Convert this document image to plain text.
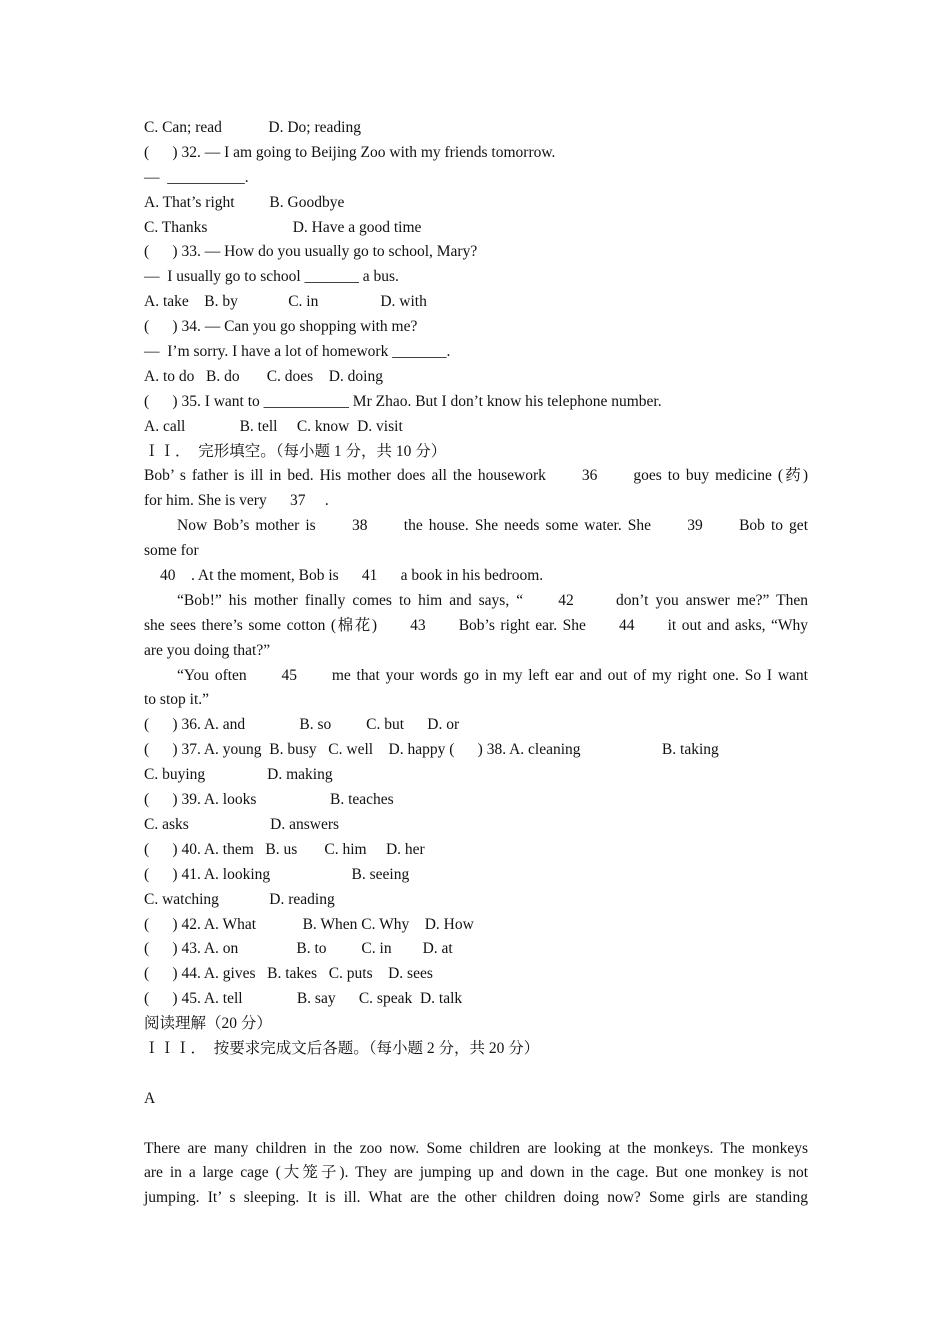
C. Can; read            D. Do; reading
(      ) 32. — I am going to Beijing Zoo with my friends tomorrow.
—  __________.
A. That’s right         B. Goodbye
C. Thanks                      D. Have a good time
(      ) 33. — How do you usually go to school, Mary?
—  I usually go to school _______ a bus.
A. take    B. by             C. in                D. with
(      ) 34. — Can you go shopping with me?
—  I’m sorry. I have a lot of homework _______.
A. to do   B. do       C. does    D. doing
(      ) 35. I want to ___________ Mr Zhao. But I don’t know his telephone number.
A. call              B. tell     C. know  D. visit
ＩＩ．  完形填空。（每小题 1 分，共 10 分）
Bob’ s father is ill in bed. His mother does all the housework      36      goes to buy medicine (药)
for him. She is very      37     .
Now Bob’s mother is      38      the house. She needs some water. She      39      Bob to get
some for
40    . At the moment, Bob is      41      a book in his bedroom.
“Bob!” his mother finally comes to him and says, “     42      don’t you answer me?” Then
she sees there’s some cotton (棉花)      43      Bob’s right ear. She      44      it out and asks, “Why
are you doing that?”
“You often      45      me that your words go in my left ear and out of my right one. So I want
to stop it.”
(      ) 36. A. and              B. so         C. but      D. or
(      ) 37. A. young  B. busy   C. well    D. happy (      ) 38. A. cleaning                     B. taking
C. buying                D. making
(      ) 39. A. looks                   B. teaches
C. asks                     D. answers
(      ) 40. A. them   B. us       C. him     D. her
(      ) 41. A. looking                     B. seeing
C. watching             D. reading
(      ) 42. A. What            B. When C. Why    D. How
(      ) 43. A. on               B. to         C. in        D. at
(      ) 44. A. gives   B. takes   C. puts    D. sees
(      ) 45. A. tell              B. say      C. speak  D. talk
阅读理解（20 分）
ＩＩＩ．  按要求完成文后各题。（每小题 2 分，共 20 分）
A
There are many children in the zoo now. Some children are looking at the monkeys. The monkeys
are in a large cage (大笼子). They are jumping up and down in the cage. But one monkey is not
jumping. It’ s sleeping. It is ill. What are the other children doing now? Some girls are standing
